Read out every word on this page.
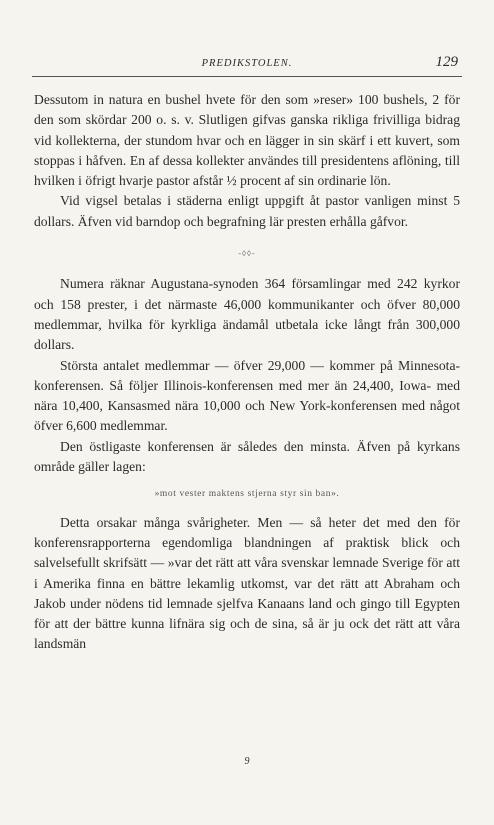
PREDIKSTOLEN.	129

Dessutom in natura en bushel hvete för den som »reser» 100 bushels, 2 för den som skördar 200 o. s. v. Slutligen gifvas ganska rikliga frivilliga bidrag vid kollekterna, der stundom hvar och en lägger in sin skärf i ett kuvert, som stoppas i håfven. En af dessa kollekter användes till presidentens aflöning, till hvilken i öfrigt hvarje pastor afstår ½ procent af sin ordinarie lön.

Vid vigsel betalas i städerna enligt uppgift åt pastor vanligen minst 5 dollars. Äfven vid barndop och begrafning lär presten erhålla gåfvor.

-◊◊-

Numera räknar Augustana-synoden 364 församlingar med 242 kyrkor och 158 prester, i det närmaste 46,000 kommunikanter och öfver 80,000 medlemmar, hvilka för kyrkliga ändamål utbetala icke långt från 300,000 dollars.

Största antalet medlemmar — öfver 29,000 — kommer på Minnesota-konferensen. Så följer Illinois-konferensen med mer än 24,400, Iowa- med nära 10,400, Kansasmed nära 10,000 och New York-konferensen med något öfver 6,600 medlemmar.

Den östligaste konferensen är således den minsta. Äfven på kyrkans område gäller lagen:

»mot vester maktens stjerna styr sin ban».

Detta orsakar många svårigheter. Men — så heter det med den för konferensrapporterna egendomliga blandningen af praktisk blick och salvelsefullt skrifsätt — »var det rätt att våra svenskar lemnade Sverige för att i Amerika finna en bättre lekamlig utkomst, var det rätt att Abraham och Jakob under nödens tid lemnade sjelfva Kanaans land och gingo till Egypten för att der bättre kunna lifnära sig och de sina, så är ju ock det rätt att våra landsmän

9
